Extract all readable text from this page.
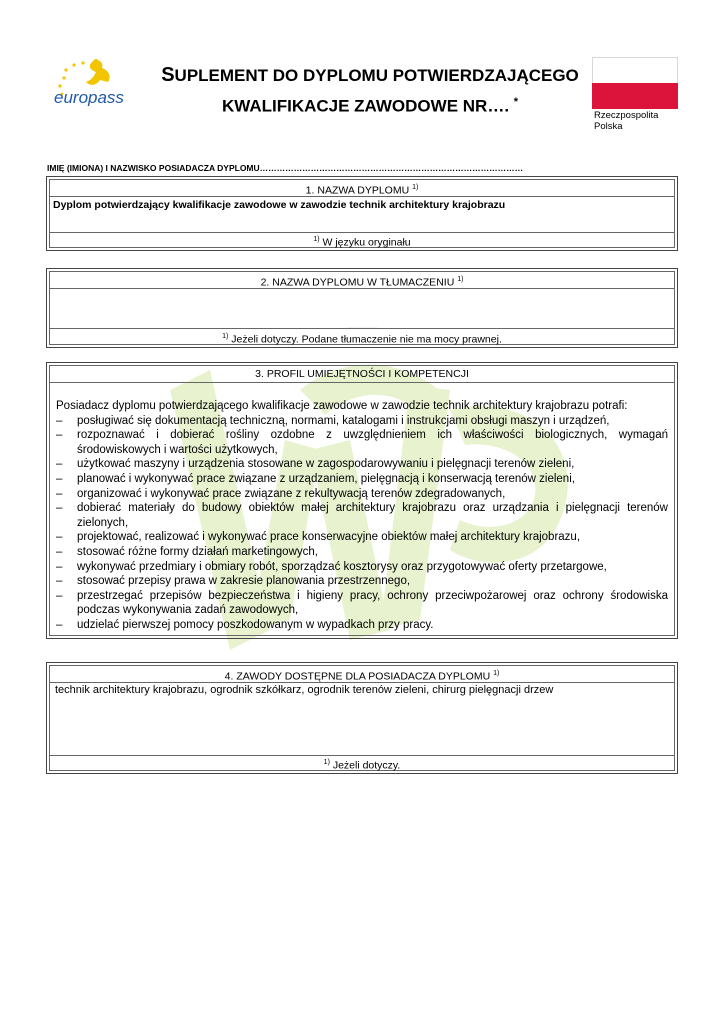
europass
SUPLEMENT DO DYPLOMU POTWIERDZAJĄCEGO
KWALIFIKACJE ZAWODOWE NR…. *
Rzeczpospolita
Polska
IMIĘ (IMIONA) I NAZWISKO POSIADACZA DYPLOMU…………………………………………………………………………………
1. NAZWA DYPLOMU $^{1)}$
Dyplom potwierdzający kwalifikacje zawodowe w zawodzie technik architektury krajobrazu
$^{1)}$ W języku oryginału
2. NAZWA DYPLOMU W TŁUMACZENIU $^{1)}$
———
$^{1)}$ Jeżeli dotyczy. Podane tłumaczenie nie ma mocy prawnej.
3. PROFIL UMIEJĘTNOŚCI I KOMPETENCJI
Posiadacz dyplomu potwierdzającego kwalifikacje zawodowe w zawodzie technik architektury krajobrazu potrafi:
– posługiwać się dokumentacją techniczną, normami, katalogami i instrukcjami obsługi maszyn i urządzeń,
– rozpoznawać i dobierać rośliny ozdobne z uwzględnieniem ich właściwości biologicznych, wymagań środowiskowych i wartości użytkowych,
– użytkować maszyny i urządzenia stosowane w zagospodarowywaniu i pielęgnacji terenów zieleni,
– planować i wykonywać prace związane z urządzaniem, pielęgnacją i konserwacją terenów zieleni,
– organizować i wykonywać prace związane z rekultywacją terenów zdegradowanych,
– dobierać materiały do budowy obiektów małej architektury krajobrazu oraz urządzania i pielęgnacji terenów zielonych,
– projektować, realizować i wykonywać prace konserwacyjne obiektów małej architektury krajobrazu,
– stosować różne formy działań marketingowych,
– wykonywać przedmiary i obmiary robót, sporządzać kosztorysy oraz przygotowywać oferty przetargowe,
– stosować przepisy prawa w zakresie planowania przestrzennego,
– przestrzegać przepisów bezpieczeństwa i higieny pracy, ochrony przeciwpożarowej oraz ochrony środowiska podczas wykonywania zadań zawodowych,
– udzielać pierwszej pomocy poszkodowanym w wypadkach przy pracy.
4. ZAWODY DOSTĘPNE DLA POSIADACZA DYPLOMU $^{1)}$
technik architektury krajobrazu, ogrodnik szkółkarz, ogrodnik terenów zieleni, chirurg pielęgnacji drzew
$^{1)}$ Jeżeli dotyczy.
